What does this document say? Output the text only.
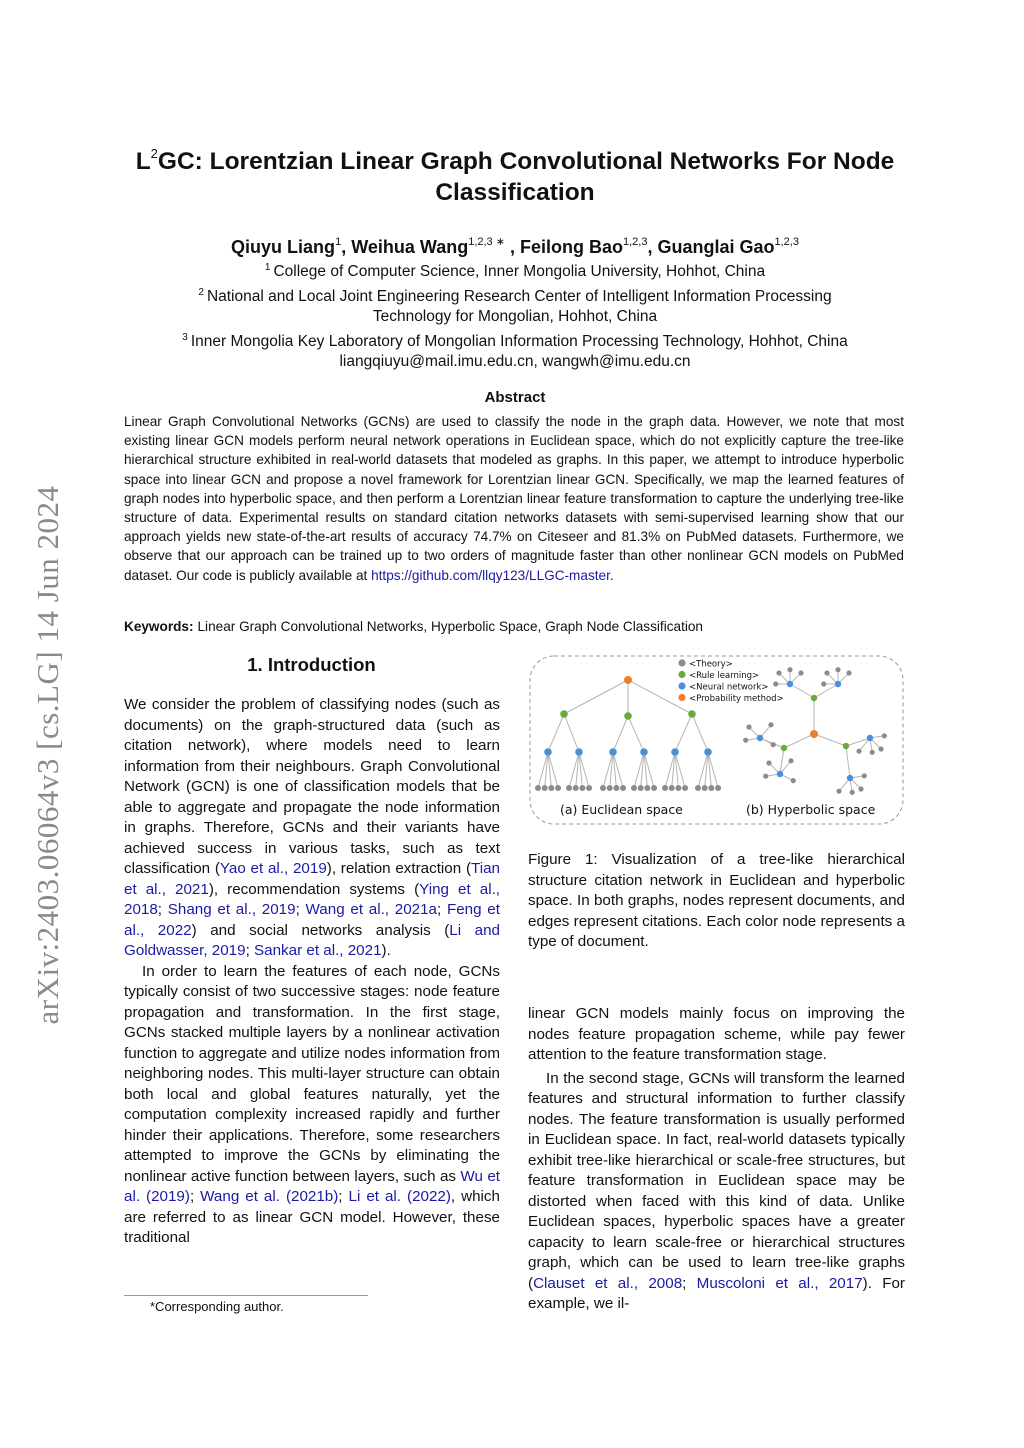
arXiv:2403.06064v3 [cs.LG] 14 Jun 2024
$L^2GC$: Lorentzian Linear Graph Convolutional Networks For Node
Classification
Qiuyu Liang$^1$, Weihua Wang$^{1,2,3 ∗}$ , Feilong Bao$^{1,2,3}$, Guanglai Gao$^{1,2,3}$
$^1$ College of Computer Science, Inner Mongolia University, Hohhot, China
$^2$ National and Local Joint Engineering Research Center of Intelligent Information Processing
Technology for Mongolian, Hohhot, China
$^3$ Inner Mongolia Key Laboratory of Mongolian Information Processing Technology, Hohhot, China
liangqiuyu@mail.imu.edu.cn, wangwh@imu.edu.cn
Abstract
Linear Graph Convolutional Networks (GCNs) are used to classify the node in the graph data. However, we note that most existing linear GCN models perform neural network operations in Euclidean space, which do not explicitly capture the tree-like hierarchical structure exhibited in real-world datasets that modeled as graphs. In this paper, we attempt to introduce hyperbolic space into linear GCN and propose a novel framework for Lorentzian linear GCN. Specifically, we map the learned features of graph nodes into hyperbolic space, and then perform a Lorentzian linear feature transformation to capture the underlying tree-like structure of data. Experimental results on standard citation networks datasets with semi-supervised learning show that our approach yields new state-of-the-art results of accuracy 74.7% on Citeseer and 81.3% on PubMed datasets. Furthermore, we observe that our approach can be trained up to two orders of magnitude faster than other nonlinear GCN models on PubMed dataset. Our code is publicly available at https://github.com/llqy123/LLGC-master.
Keywords: Linear Graph Convolutional Networks, Hyperbolic Space, Graph Node Classification
1. Introduction

We consider the problem of classifying nodes (such as documents) on the graph-structured data (such as citation network), where models need to learn information from their neighbours. Graph Convolutional Network (GCN) is one of classification models that be able to aggregate and propagate the node information in graphs. Therefore, GCNs and their variants have achieved success in various tasks, such as text classification (Yao et al., 2019), relation extraction (Tian et al., 2021), recommendation systems (Ying et al., 2018; Shang et al., 2019; Wang et al., 2021a; Feng et al., 2022) and social networks analysis (Li and Goldwasser, 2019; Sankar et al., 2021).

In order to learn the features of each node, GCNs typically consist of two successive stages: node feature propagation and transformation. In the first stage, GCNs stacked multiple layers by a nonlinear activation function to aggregate and utilize nodes information from neighboring nodes. This multi-layer structure can obtain both local and global features naturally, yet the computation complexity increased rapidly and further hinder their applications. Therefore, some researchers attempted to improve the GCNs by eliminating the nonlinear active function between layers, such as Wu et al. (2019); Wang et al. (2021b); Li et al. (2022), which are referred to as linear GCN model. However, these traditional

<Theory>
<Rule learning>
<Neural network>
<Probability method>
(a) Euclidean space	(b) Hyperbolic space
Figure 1: Visualization of a tree-like hierarchical structure citation network in Euclidean and hyperbolic space. In both graphs, nodes represent documents, and edges represent citations. Each color node represents a type of document.

linear GCN models mainly focus on improving the nodes feature propagation scheme, while pay fewer attention to the feature transformation stage.

In the second stage, GCNs will transform the learned features and structural information to further classify nodes. The feature transformation is usually performed in Euclidean space. In fact, real-world datasets typically exhibit tree-like hierarchical or scale-free structures, but feature transformation in Euclidean space may be distorted when faced with this kind of data. Unlike Euclidean spaces, hyperbolic spaces have a greater capacity to learn scale-free or hierarchical structures graph, which can be used to learn tree-like graphs (Clauset et al., 2008; Muscoloni et al., 2017). For example, we il-

*Corresponding author.
